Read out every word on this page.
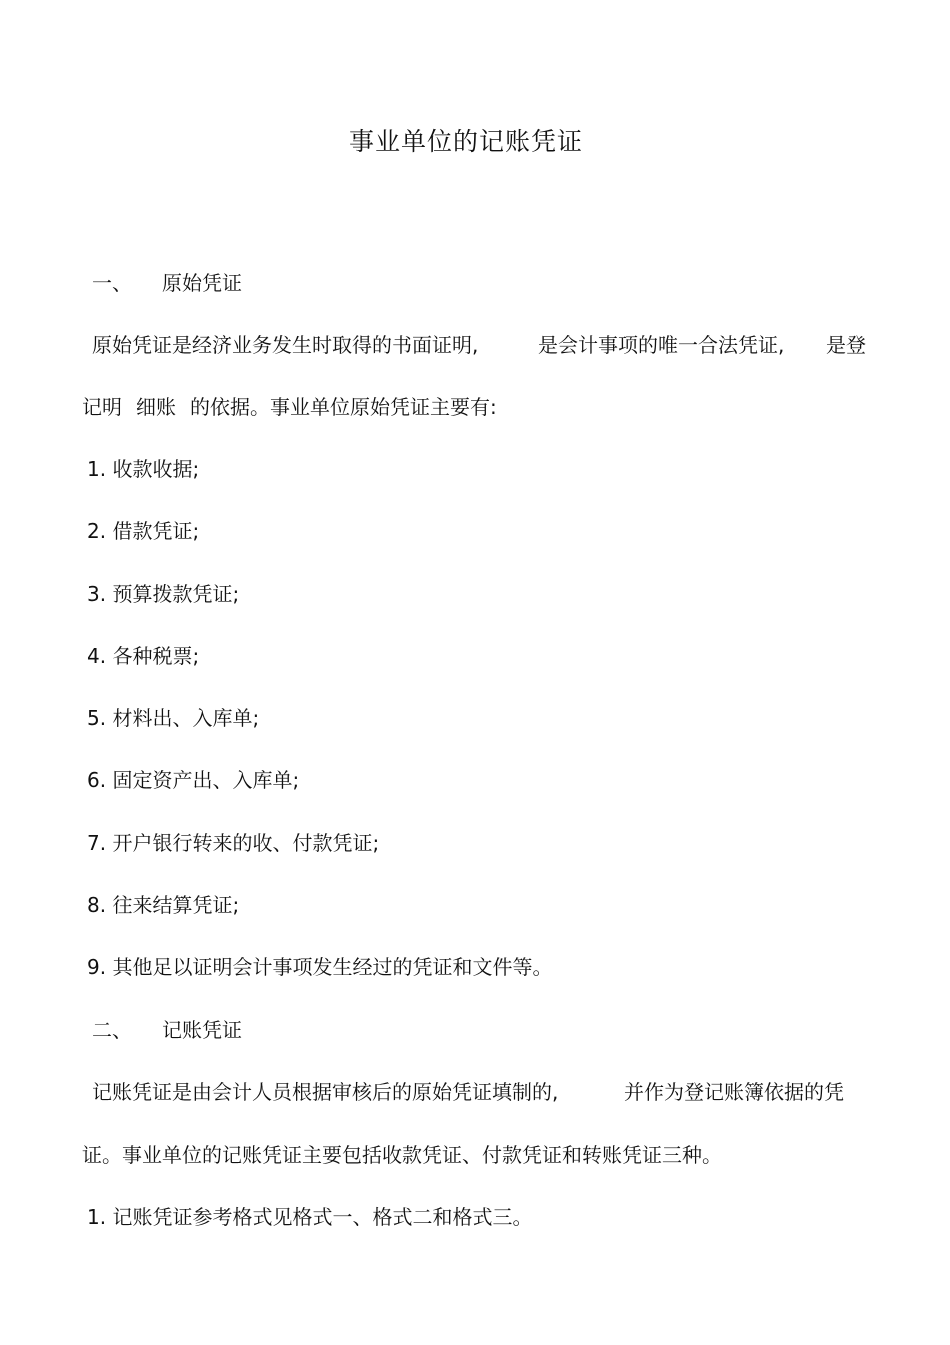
事业单位的记账凭证
一、 原始凭证
原始凭证是经济业务发生时取得的书面证明,	是会计事项的唯一合法凭证, 是登
记明 细账 的依据。事业单位原始凭证主要有:
1. 收款收据;
2. 借款凭证;
3. 预算拨款凭证;
4. 各种税票;
5. 材料出、入库单;
6. 固定资产出、入库单;
7. 开户银行转来的收、付款凭证;
8. 往来结算凭证;
9. 其他足以证明会计事项发生经过的凭证和文件等。
二、 记账凭证
记账凭证是由会计人员根据审核后的原始凭证填制的,	并作为登记账簿依据的凭
证。事业单位的记账凭证主要包括收款凭证、付款凭证和转账凭证三种。
1. 记账凭证参考格式见格式一、格式二和格式三。
